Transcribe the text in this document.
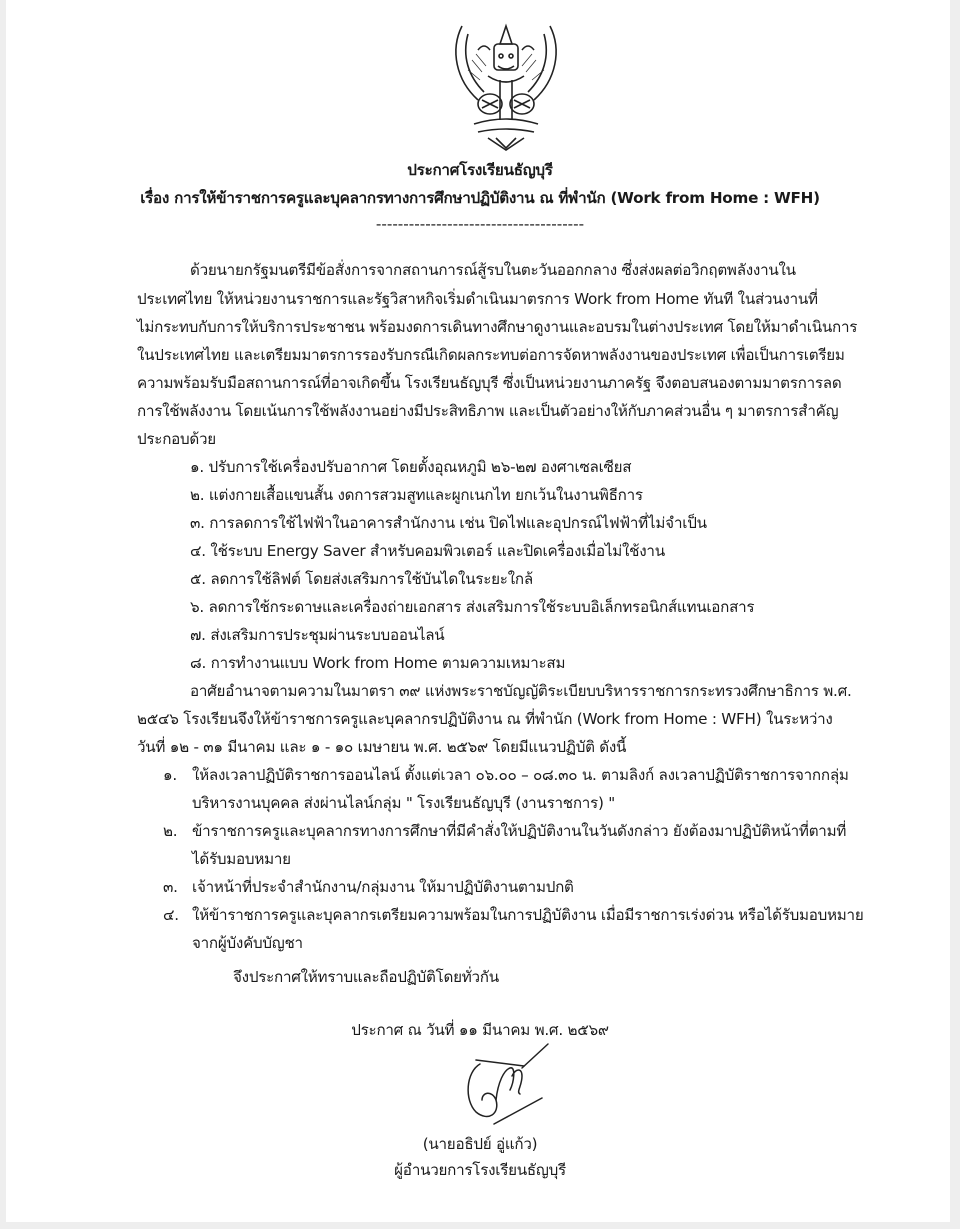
ประกาศโรงเรียนธัญบุรี
เรื่อง การให้ข้าราชการครูและบุคลากรทางการศึกษาปฏิบัติงาน ณ ที่พำนัก (Work from Home : WFH)
--------------------------------------
ด้วยนายกรัฐมนตรีมีข้อสั่งการจากสถานการณ์สู้รบในตะวันออกกลาง ซึ่งส่งผลต่อวิกฤตพลังงานใน
ประเทศไทย ให้หน่วยงานราชการและรัฐวิสาหกิจเริ่มดำเนินมาตรการ Work from Home ทันที ในส่วนงานที่
ไม่กระทบกับการให้บริการประชาชน พร้อมงดการเดินทางศึกษาดูงานและอบรมในต่างประเทศ โดยให้มาดำเนินการ
ในประเทศไทย และเตรียมมาตรการรองรับกรณีเกิดผลกระทบต่อการจัดหาพลังงานของประเทศ เพื่อเป็นการเตรียม
ความพร้อมรับมือสถานการณ์ที่อาจเกิดขึ้น โรงเรียนธัญบุรี ซึ่งเป็นหน่วยงานภาครัฐ จึงตอบสนองตามมาตรการลด
การใช้พลังงาน โดยเน้นการใช้พลังงานอย่างมีประสิทธิภาพ และเป็นตัวอย่างให้กับภาคส่วนอื่น ๆ มาตรการสำคัญ
ประกอบด้วย
๑. ปรับการใช้เครื่องปรับอากาศ โดยตั้งอุณหภูมิ ๒๖-๒๗ องศาเซลเซียส
๒. แต่งกายเสื้อแขนสั้น งดการสวมสูทและผูกเนกไท ยกเว้นในงานพิธีการ
๓. การลดการใช้ไฟฟ้าในอาคารสำนักงาน เช่น ปิดไฟและอุปกรณ์ไฟฟ้าที่ไม่จำเป็น
๔. ใช้ระบบ Energy Saver สำหรับคอมพิวเตอร์ และปิดเครื่องเมื่อไม่ใช้งาน
๕. ลดการใช้ลิฟต์ โดยส่งเสริมการใช้บันไดในระยะใกล้
๖. ลดการใช้กระดาษและเครื่องถ่ายเอกสาร ส่งเสริมการใช้ระบบอิเล็กทรอนิกส์แทนเอกสาร
๗. ส่งเสริมการประชุมผ่านระบบออนไลน์
๘. การทำงานแบบ Work from Home ตามความเหมาะสม
อาศัยอำนาจตามความในมาตรา ๓๙ แห่งพระราชบัญญัติระเบียบบริหารราชการกระทรวงศึกษาธิการ พ.ศ.
๒๕๔๖ โรงเรียนจึงให้ข้าราชการครูและบุคลากรปฏิบัติงาน ณ ที่พำนัก (Work from Home : WFH) ในระหว่าง
วันที่ ๑๒ - ๓๑ มีนาคม และ ๑ - ๑๐ เมษายน พ.ศ. ๒๕๖๙ โดยมีแนวปฏิบัติ ดังนี้
๑. ให้ลงเวลาปฏิบัติราชการออนไลน์ ตั้งแต่เวลา ๐๖.๐๐ – ๐๘.๓๐ น. ตามลิงก์ ลงเวลาปฏิบัติราชการจากกลุ่ม
บริหารงานบุคคล ส่งผ่านไลน์กลุ่ม " โรงเรียนธัญบุรี (งานราชการ) "
๒. ข้าราชการครูและบุคลากรทางการศึกษาที่มีคำสั่งให้ปฏิบัติงานในวันดังกล่าว ยังต้องมาปฏิบัติหน้าที่ตามที่
ได้รับมอบหมาย
๓. เจ้าหน้าที่ประจำสำนักงาน/กลุ่มงาน ให้มาปฏิบัติงานตามปกติ
๔. ให้ข้าราชการครูและบุคลากรเตรียมความพร้อมในการปฏิบัติงาน เมื่อมีราชการเร่งด่วน หรือได้รับมอบหมาย
จากผู้บังคับบัญชา
จึงประกาศให้ทราบและถือปฏิบัติโดยทั่วกัน
ประกาศ ณ วันที่ ๑๑ มีนาคม พ.ศ. ๒๕๖๙
(นายอธิปย์ อู่แก้ว)
ผู้อำนวยการโรงเรียนธัญบุรี
